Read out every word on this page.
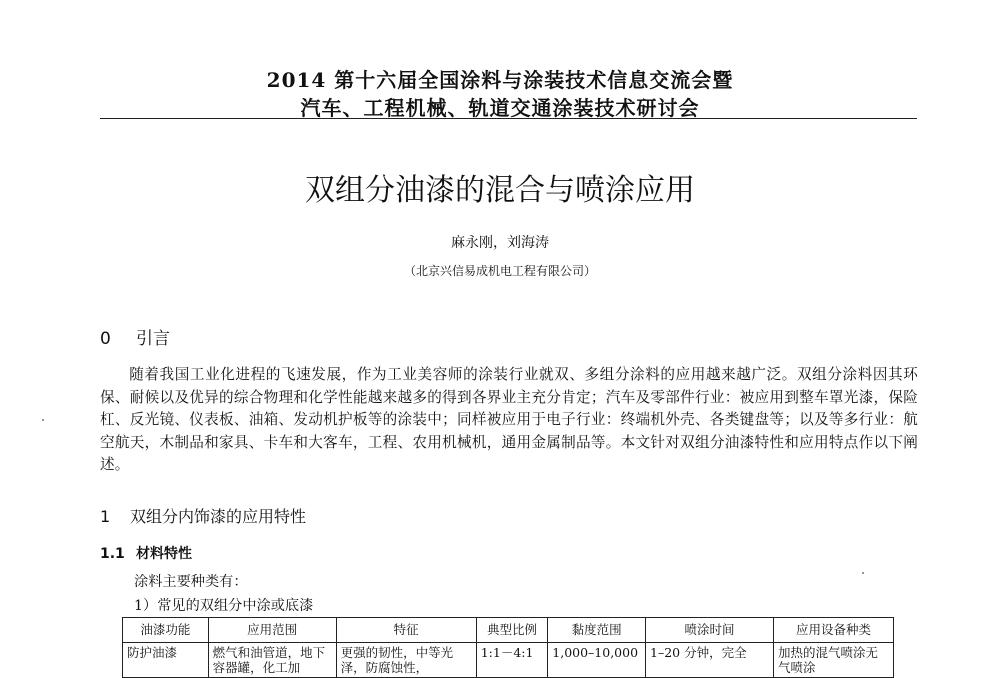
2014 第十六届全国涂料与涂装技术信息交流会暨
汽车、工程机械、轨道交通涂装技术研讨会
双组分油漆的混合与喷涂应用
麻永刚，刘海涛
（北京兴信易成机电工程有限公司）
0 引言
随着我国工业化进程的飞速发展，作为工业美容师的涂装行业就双、多组分涂料的应用越来越广泛。双组分涂料因其环保、耐候以及优异的综合物理和化学性能越来越多的得到各界业主充分肯定；汽车及零部件行业：被应用到整车罩光漆，保险杠、反光镜、仪表板、油箱、发动机护板等的涂装中；同样被应用于电子行业：终端机外壳、各类键盘等；以及等多行业：航空航天，木制品和家具、卡车和大客车，工程、农用机械机，通用金属制品等。本文针对双组分油漆特性和应用特点作以下阐述。
1 双组分内饰漆的应用特性
1.1 材料特性
涂料主要种类有：
1）常见的双组分中涂或底漆
油漆功能	应用范围	特征	典型比例	黏度范围	喷涂时间	应用设备种类
防护油漆	燃气和油管道，地下容器罐，化工加	更强的韧性，中等光泽，防腐蚀性，	1:1－4:1	1,000–10,000	1–20 分钟，完全	加热的混气喷涂无气喷涂
